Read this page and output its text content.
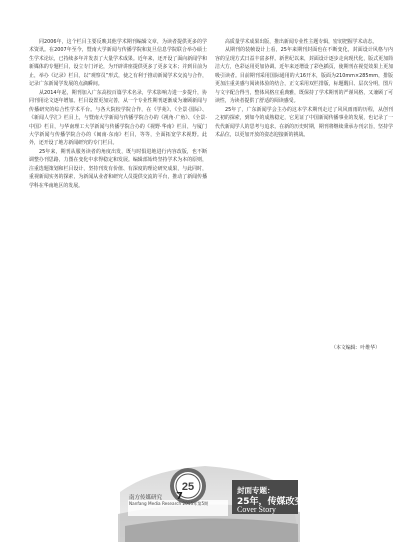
同2006年，这个栏目主要反映其他学术期刊编辑文章，为读者提供更多的学术资讯。在2007年至今，暨南大学新闻与传播学院和复旦信息学院联合举办硕士生学术论坛，已持续多年并发表了大量学术成果。近年来，还开设了面向新闻学和新媒体的专题栏目，设立专门评论，为开辟讲座提供更多了更多文本；并到目前为止，举办《记录》栏目，以“观察员”形式，使之有利于推动新闻学术交流与合作，记录广东新闻学发展的点滴瞬间。

从2014年起，期刊加入广东高校百篇学术名录，学术影响力进一步提升，协同刊用论文逐年增加。栏目设置更加完善，从一个专业性期刊逐渐成为兼顾新闻与传播研究的综合性学术平台。与各大院校学院合作，在《学苑》、《全景·国际》、《新闻人学汇》栏目上，与暨南大学新闻与传播学院合办的《视角·广角》、《全景·中国》栏目，与华南理工大学新闻与传播学院合办的《视野·华南》栏目，与厦门大学新闻与传播学院合办的《闽南·东南》栏目，等等，全面拓宽学术视野。此外，还开设了地方新闻研究的专门栏目。

25年来，期刊从服务读者的角度出发，既与时俱进地进行内容改版，也不断调整办刊思路，力图在变化中求得稳定和发展。编辑部始终坚持学术为本的原则，注重选题策划和栏目设计，坚持刊发有价值、有深度的理论研究成果，与此同时，重视新闻实务的探索，为新闻从业者和研究人员提供交流的平台，推动了新闻传播学科在华南地区的发展。

高质量学术成果出版，推出新闻专业性主题专辑，密切把握学术动态。

从期刊的装帧设计上看，25年来期刊封面也在不断变化，封面设计风格与内容的呈现方式日益丰富多样。新世纪以来，封面设计逐步走向现代化，版式更加简洁大方，色彩运用更加协调。近年来还增设了彩色插页，使期刊在视觉效果上更加吸引读者。目前期刊采用国际通用的大16开本，版面为210mm×285mm，排版更加注重美感与阅读体验的结合，正文采用双栏排版，标题醒目、层次分明，图片与文字配合得当，整体风格庄重典雅，既保持了学术期刊的严谨风格，又兼顾了可读性，为读者提供了舒适的阅读感受。

25年了，广东新闻学会主办的这本学术期刊走过了风风雨雨的历程，从创刊之初的探索，到如今的成熟稳定，它见证了中国新闻传播事业的发展，也记录了一代代新闻学人的思考与追求。在新的历史时期，期刊将继续秉承办刊宗旨，坚持学术品位，以更加开放的姿态迎接新的挑战。

（本文编辑：叶维华）
25
南方传媒研究
Nanfang Media Research 2015年第5期
7
封面专题：
25年，传媒改变了什么？
Cover Story
